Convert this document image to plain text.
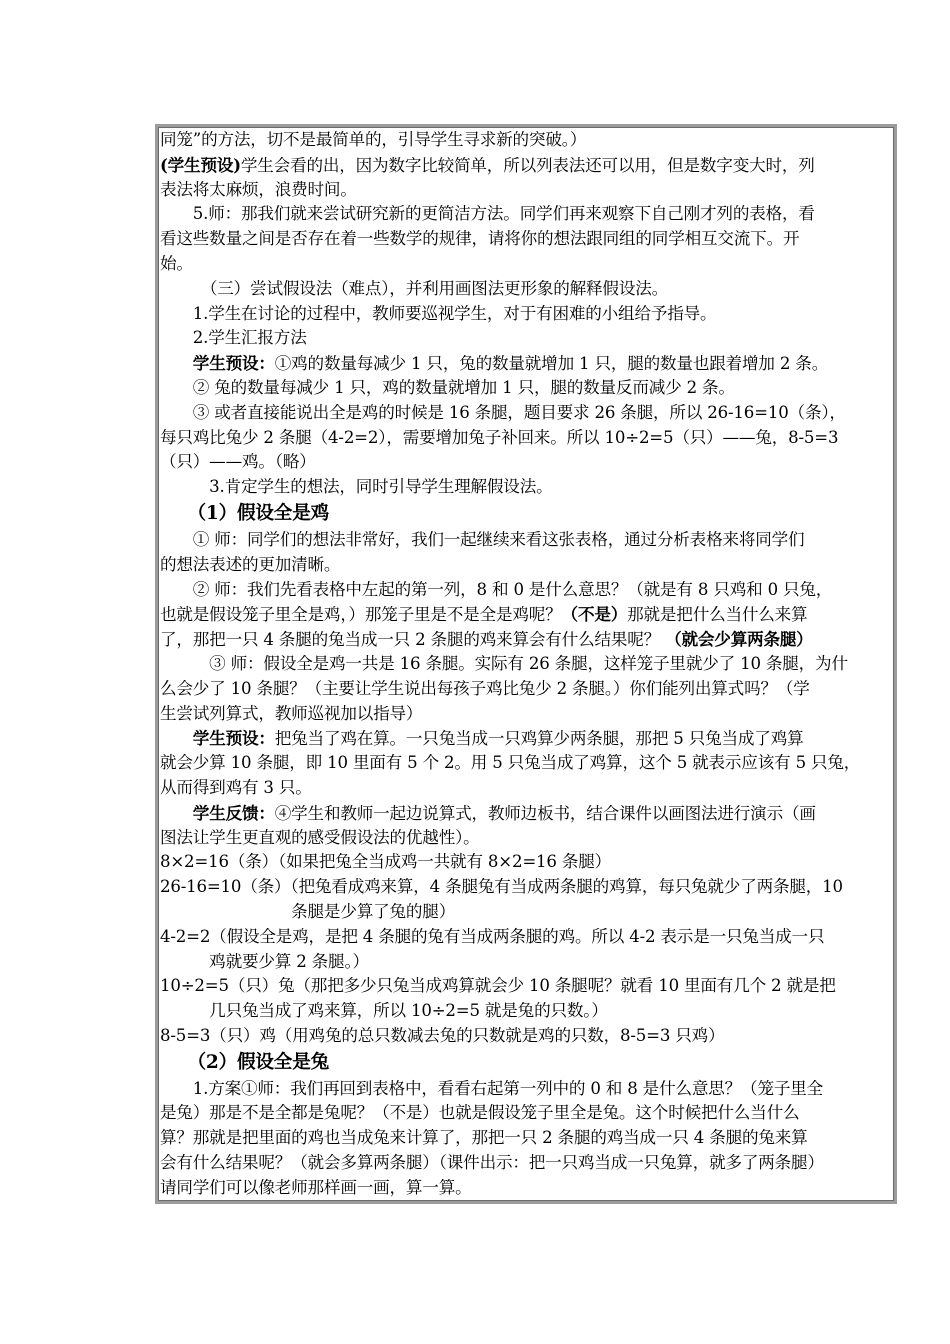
同笼”的方法，切不是最简单的，引导学生寻求新的突破。）
(学生预设)学生会看的出，因为数字比较简单，所以列表法还可以用，但是数字变大时，列
表法将太麻烦，浪费时间。
　　5.师：那我们就来尝试研究新的更简洁方法。同学们再来观察下自己刚才列的表格，看
看这些数量之间是否存在着一些数学的规律，请将你的想法跟同组的同学相互交流下。开
始。
　　　（三）尝试假设法（难点），并利用画图法更形象的解释假设法。
　　1.学生在讨论的过程中，教师要巡视学生，对于有困难的小组给予指导。
　　2.学生汇报方法
　　学生预设：①鸡的数量每减少 1 只，兔的数量就增加 1 只，腿的数量也跟着增加 2 条。
　　② 兔的数量每减少 1 只，鸡的数量就增加 1 只，腿的数量反而减少 2 条。
　　③ 或者直接能说出全是鸡的时候是 16 条腿，题目要求 26 条腿，所以 26-16=10（条），
每只鸡比兔少 2 条腿（4-2=2），需要增加兔子补回来。所以 10÷2=5（只）——兔，8-5=3
（只）——鸡。（略）
　　　3.肯定学生的想法，同时引导学生理解假设法。
　　（1）假设全是鸡
　　① 师：同学们的想法非常好，我们一起继续来看这张表格，通过分析表格来将同学们
的想法表述的更加清晰。
　　② 师：我们先看表格中左起的第一列，8 和 0 是什么意思？（就是有 8 只鸡和 0 只兔，
也就是假设笼子里全是鸡，）那笼子里是不是全是鸡呢？（不是）那就是把什么当什么来算
了，那把一只 4 条腿的兔当成一只 2 条腿的鸡来算会有什么结果呢？ （就会少算两条腿）
　　　③ 师：假设全是鸡一共是 16 条腿。实际有 26 条腿，这样笼子里就少了 10 条腿，为什
么会少了 10 条腿？（主要让学生说出每孩子鸡比兔少 2 条腿。）你们能列出算式吗？（学
生尝试列算式，教师巡视加以指导）
　　学生预设：把兔当了鸡在算。一只兔当成一只鸡算少两条腿，那把 5 只兔当成了鸡算
就会少算 10 条腿，即 10 里面有 5 个 2。用 5 只兔当成了鸡算，这个 5 就表示应该有 5 只兔，
从而得到鸡有 3 只。
　　学生反馈：④学生和教师一起边说算式，教师边板书，结合课件以画图法进行演示（画
图法让学生更直观的感受假设法的优越性）。
8×2=16（条）（如果把兔全当成鸡一共就有 8×2=16 条腿）
26-16=10（条）（把兔看成鸡来算，4 条腿兔有当成两条腿的鸡算，每只兔就少了两条腿，10
　　　　　　　　条腿是少算了兔的腿）
4-2=2（假设全是鸡，是把 4 条腿的兔有当成两条腿的鸡。所以 4-2 表示是一只兔当成一只
　　　鸡就要少算 2 条腿。）
10÷2=5（只）兔（那把多少只兔当成鸡算就会少 10 条腿呢？就看 10 里面有几个 2 就是把
　　　几只兔当成了鸡来算，所以 10÷2=5 就是兔的只数。）
8-5=3（只）鸡（用鸡兔的总只数减去兔的只数就是鸡的只数，8-5=3 只鸡）
　　（2）假设全是兔
　　1.方案①师：我们再回到表格中，看看右起第一列中的 0 和 8 是什么意思？（笼子里全
是兔）那是不是全都是兔呢？（不是）也就是假设笼子里全是兔。这个时候把什么当什么
算？那就是把里面的鸡也当成兔来计算了，那把一只 2 条腿的鸡当成一只 4 条腿的兔来算
会有什么结果呢？（就会多算两条腿）（课件出示：把一只鸡当成一只兔算，就多了两条腿）
请同学们可以像老师那样画一画，算一算。
